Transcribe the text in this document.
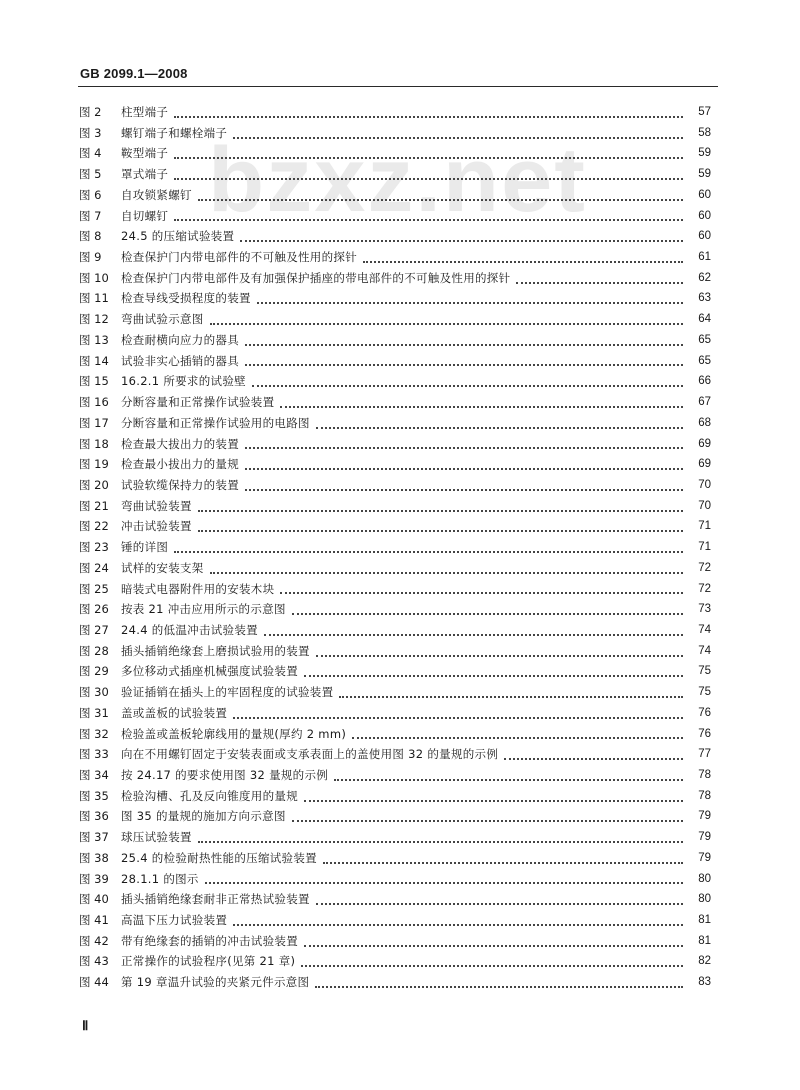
GB 2099.1—2008
bzxz.net
图 2	柱型端子	57
图 3	螺钉端子和螺栓端子	58
图 4	鞍型端子	59
图 5	罩式端子	59
图 6	自攻锁紧螺钉	60
图 7	自切螺钉	60
图 8	24.5 的压缩试验装置	60
图 9	检查保护门内带电部件的不可触及性用的探针	61
图 10	检查保护门内带电部件及有加强保护插座的带电部件的不可触及性用的探针	62
图 11	检查导线受损程度的装置	63
图 12	弯曲试验示意图	64
图 13	检查耐横向应力的器具	65
图 14	试验非实心插销的器具	65
图 15	16.2.1 所要求的试验壁	66
图 16	分断容量和正常操作试验装置	67
图 17	分断容量和正常操作试验用的电路图	68
图 18	检查最大拔出力的装置	69
图 19	检查最小拔出力的量规	69
图 20	试验软缆保持力的装置	70
图 21	弯曲试验装置	70
图 22	冲击试验装置	71
图 23	锤的详图	71
图 24	试样的安装支架	72
图 25	暗装式电器附件用的安装木块	72
图 26	按表 21 冲击应用所示的示意图	73
图 27	24.4 的低温冲击试验装置	74
图 28	插头插销绝缘套上磨损试验用的装置	74
图 29	多位移动式插座机械强度试验装置	75
图 30	验证插销在插头上的牢固程度的试验装置	75
图 31	盖或盖板的试验装置	76
图 32	检验盖或盖板轮廓线用的量规(厚约 2 mm)	76
图 33	向在不用螺钉固定于安装表面或支承表面上的盖使用图 32 的量规的示例	77
图 34	按 24.17 的要求使用图 32 量规的示例	78
图 35	检验沟槽、孔及反向锥度用的量规	78
图 36	图 35 的量规的施加方向示意图	79
图 37	球压试验装置	79
图 38	25.4 的检验耐热性能的压缩试验装置	79
图 39	28.1.1 的图示	80
图 40	插头插销绝缘套耐非正常热试验装置	80
图 41	高温下压力试验装置	81
图 42	带有绝缘套的插销的冲击试验装置	81
图 43	正常操作的试验程序(见第 21 章)	82
图 44	第 19 章温升试验的夹紧元件示意图	83
Ⅱ
